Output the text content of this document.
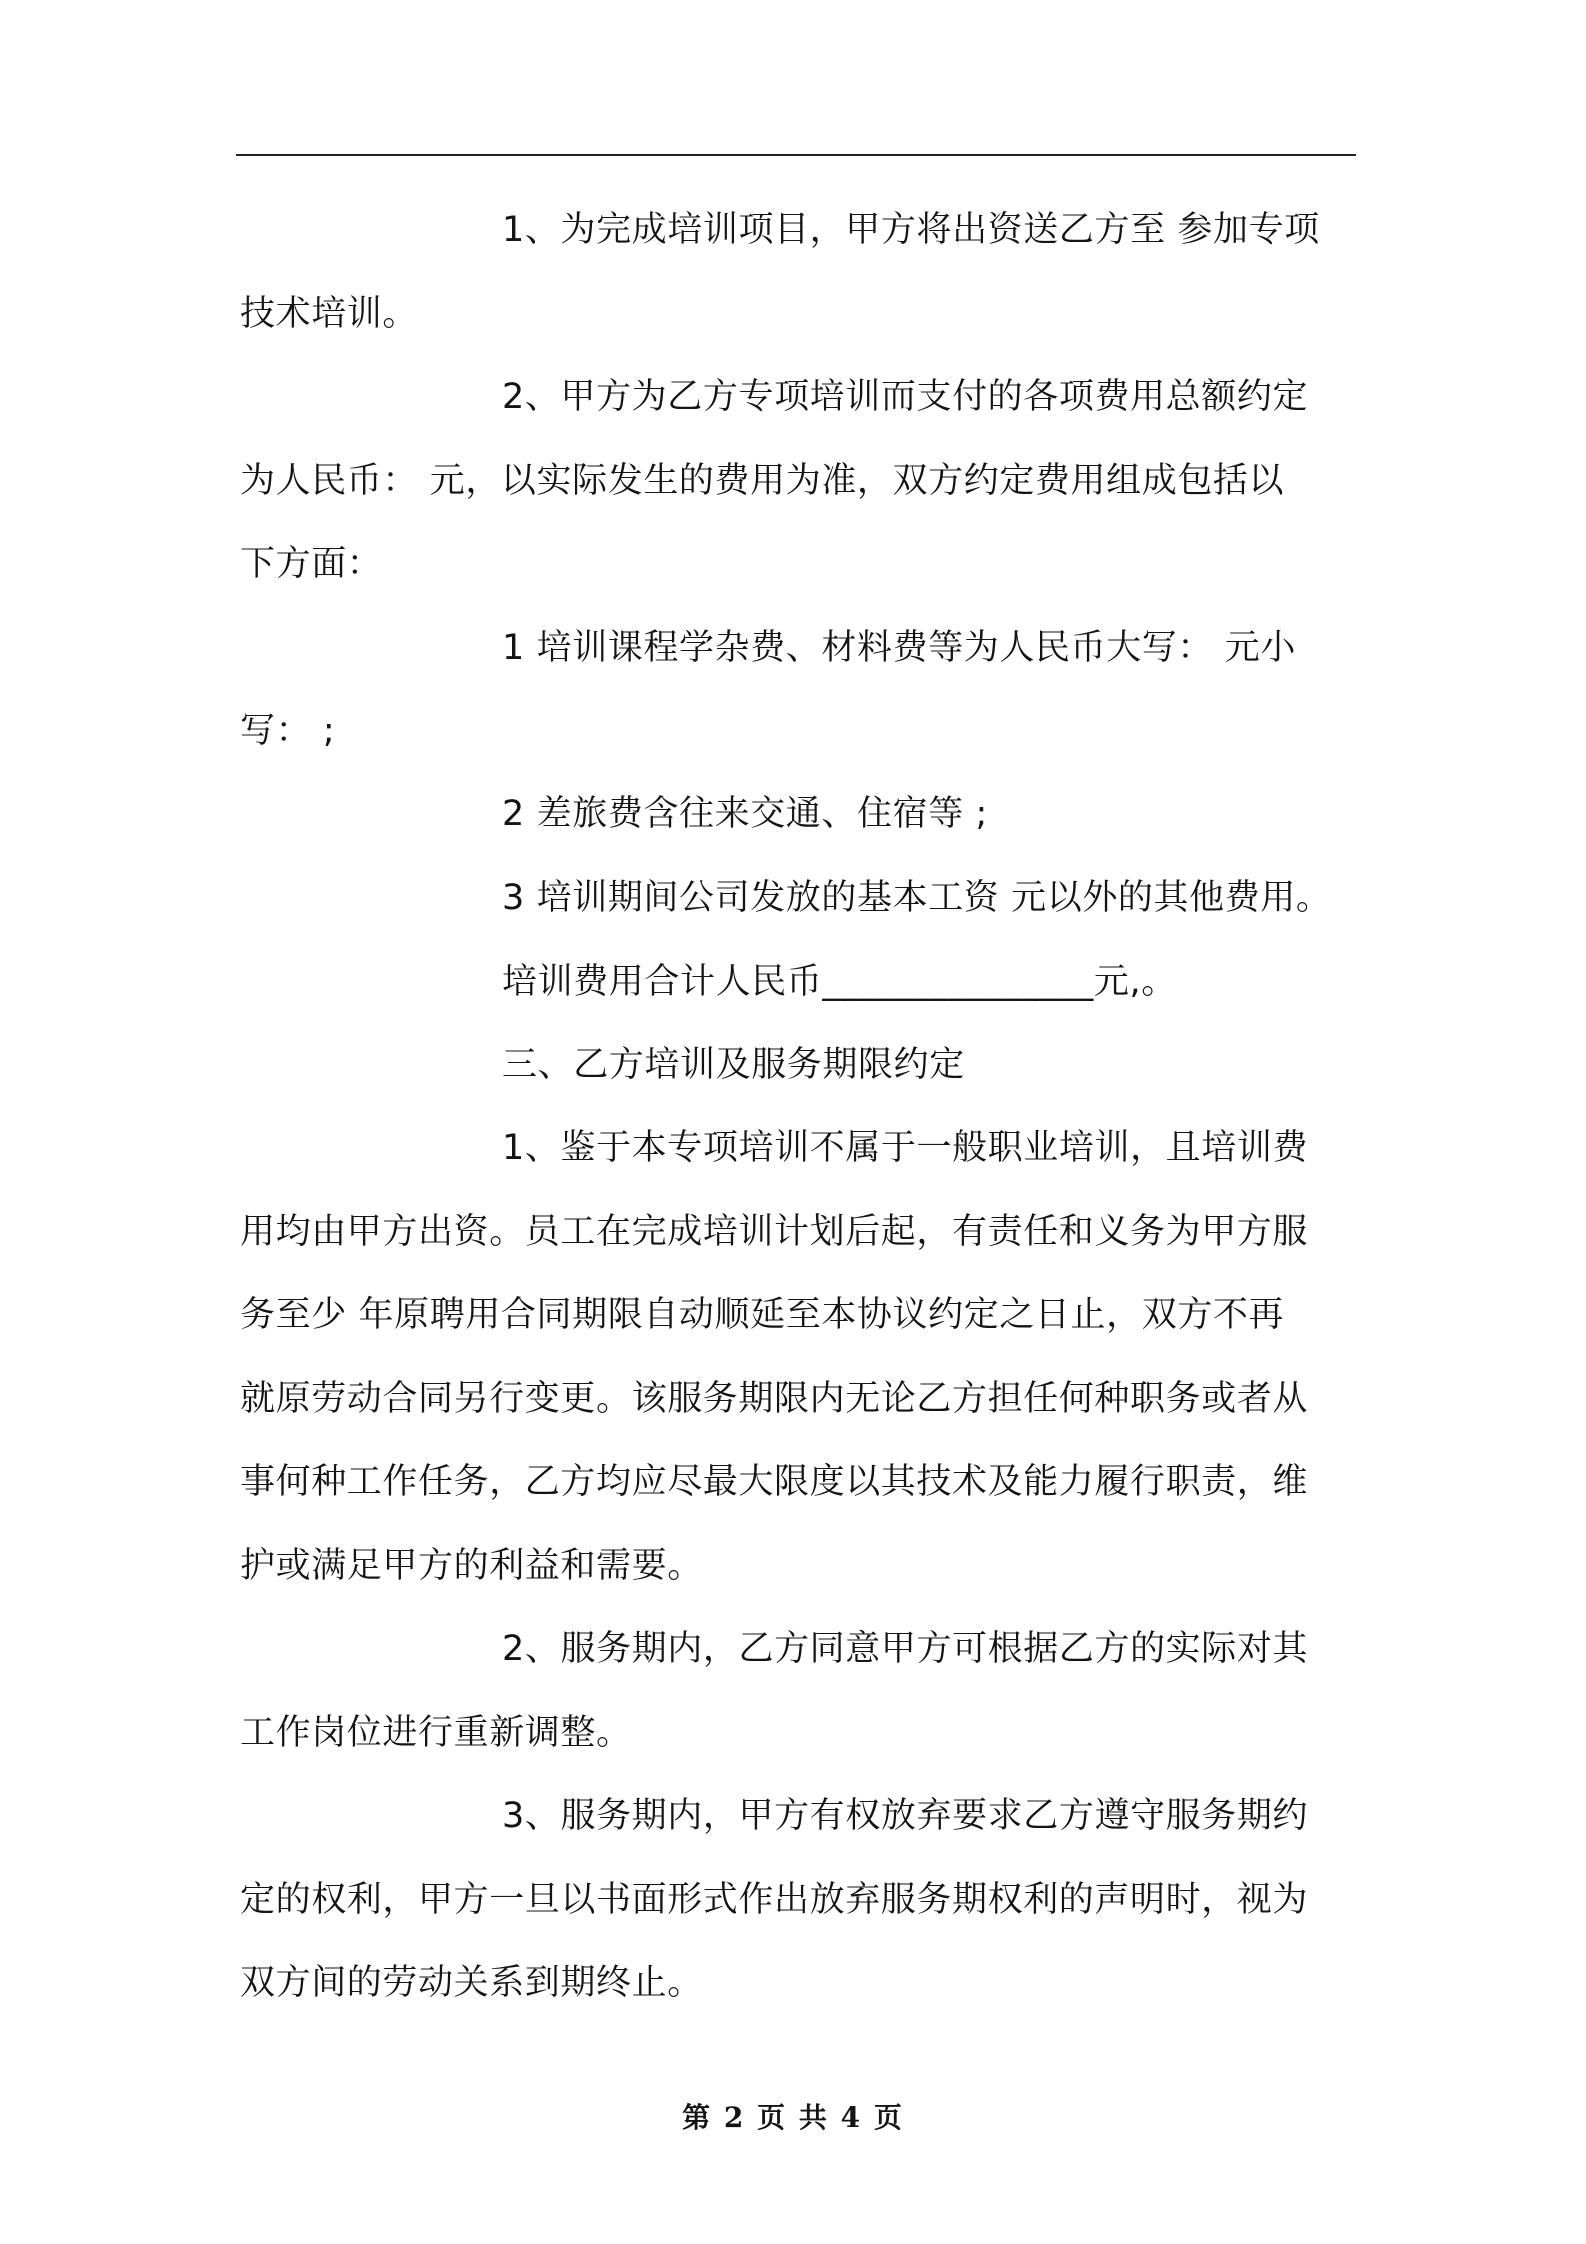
1、为完成培训项目，甲方将出资送乙方至 参加专项
技术培训。
2、甲方为乙方专项培训而支付的各项费用总额约定
为人民币： 元，以实际发生的费用为准，双方约定费用组成包括以
下方面：
1 培训课程学杂费、材料费等为人民币大写： 元小
写： ;
2 差旅费含往来交通、住宿等 ;
3 培训期间公司发放的基本工资 元以外的其他费用。
培训费用合计人民币_______________元,。
三、乙方培训及服务期限约定
1、鉴于本专项培训不属于一般职业培训，且培训费
用均由甲方出资。员工在完成培训计划后起，有责任和义务为甲方服
务至少 年原聘用合同期限自动顺延至本协议约定之日止，双方不再
就原劳动合同另行变更。该服务期限内无论乙方担任何种职务或者从
事何种工作任务，乙方均应尽最大限度以其技术及能力履行职责，维
护或满足甲方的利益和需要。
2、服务期内，乙方同意甲方可根据乙方的实际对其
工作岗位进行重新调整。
3、服务期内，甲方有权放弃要求乙方遵守服务期约
定的权利，甲方一旦以书面形式作出放弃服务期权利的声明时，视为
双方间的劳动关系到期终止。
第 2 页 共 4 页
